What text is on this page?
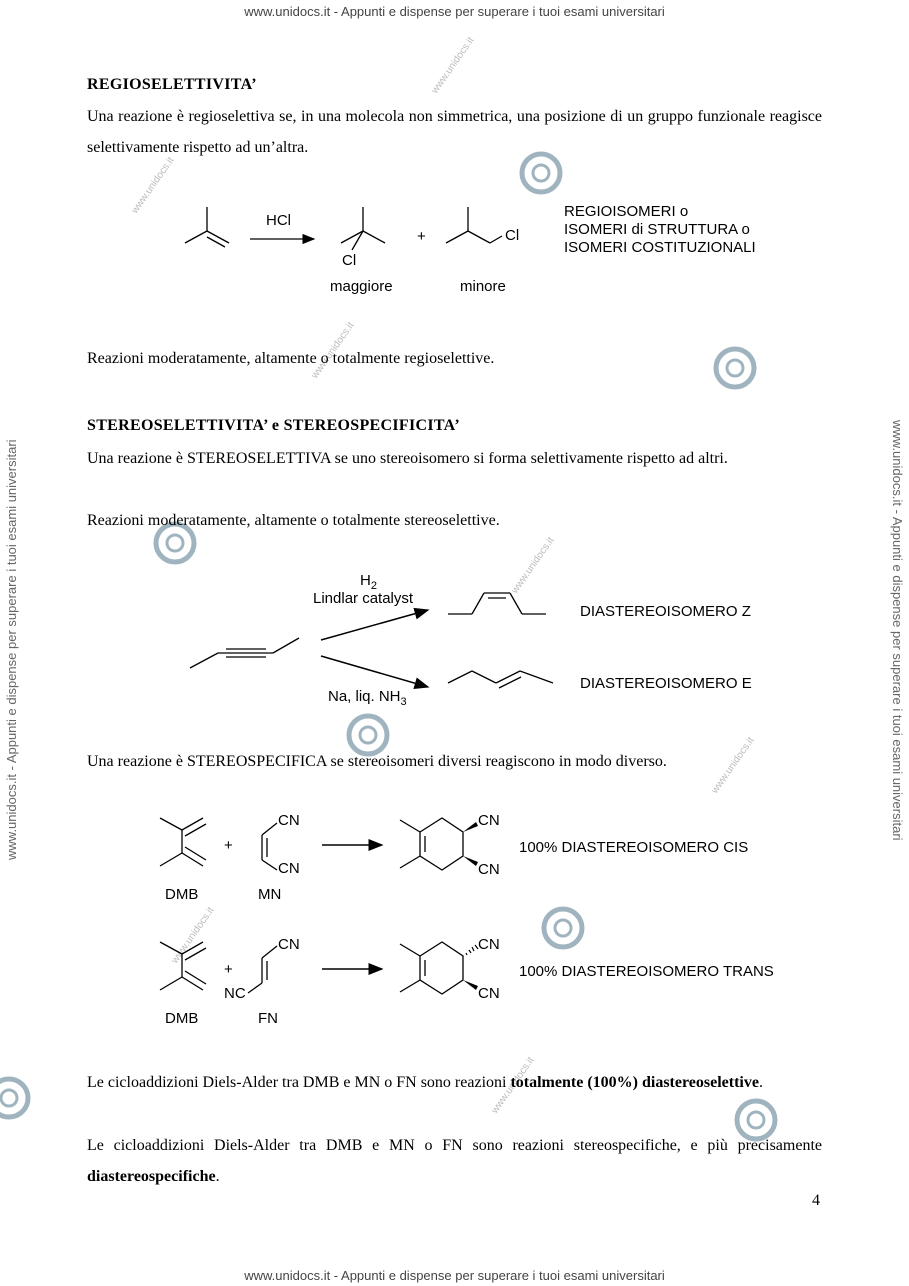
www.unidocs.it - Appunti e dispense per superare i tuoi esami universitari
www.unidocs.it - Appunti e dispense per superare i tuoi esami universitari
www.unidocs.it - Appunti e dispense per superare i tuoi esami universitari	www.unidocs.it - Appunti e dispense per superare i tuoi esami universitari
www.unidocs.it
www.unidocs.it
www.unidocs.it
www.unidocs.it
www.unidocs.it
www.unidocs.it
www.unidocs.it
REGIOSELETTIVITA’
Una reazione è regioselettiva se, in una molecola non simmetrica, una posizione di un gruppo funzionale reagisce selettivamente rispetto ad un’altra.
HCl
Cl
+	Cl
maggiore	minore
REGIOISOMERI o
ISOMERI di STRUTTURA o
ISOMERI COSTITUZIONALI
Reazioni moderatamente, altamente o totalmente regioselettive.
STEREOSELETTIVITA’ e STEREOSPECIFICITA’
Una reazione è STEREOSELETTIVA se uno stereoisomero si forma selettivamente rispetto ad altri.
Reazioni moderatamente, altamente o totalmente stereoselettive.
$H_2$
Lindlar catalyst
Na, liq. $NH_3$
DIASTEREOISOMERO Z
DIASTEREOISOMERO E
Una reazione è STEREOSPECIFICA se stereoisomeri diversi reagiscono in modo diverso.
+
CN
CN
CN
CN
DMB	MN
100% DIASTEREOISOMERO CIS
+
CN
NC
CN
CN
DMB	FN
100% DIASTEREOISOMERO TRANS
Le cicloaddizioni Diels-Alder tra DMB e MN o FN sono reazioni totalmente (100%) diastereoselettive.
Le cicloaddizioni Diels-Alder tra DMB e MN o FN sono reazioni stereospecifiche, e più precisamente diastereospecifiche.
4
